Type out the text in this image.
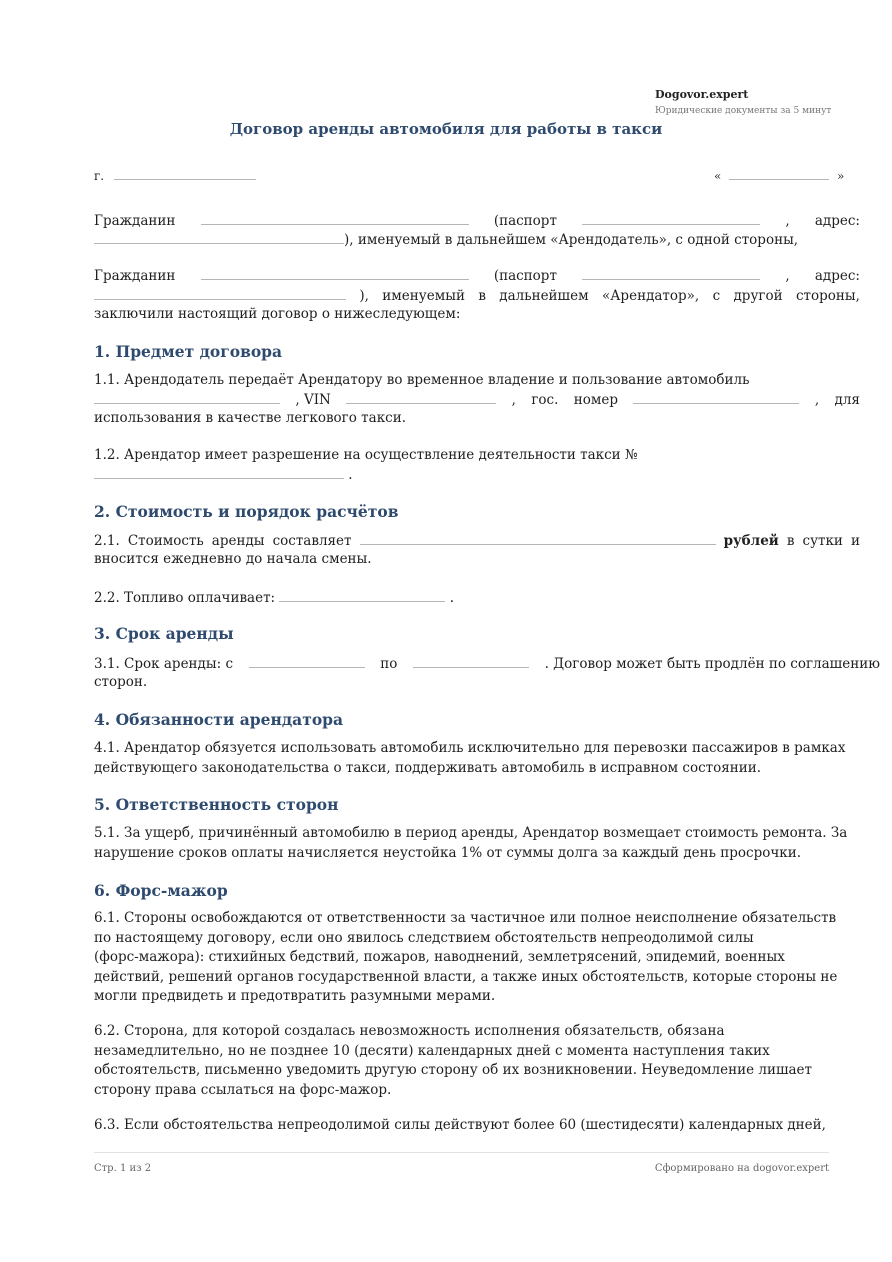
Dogovor.expert
Юридические документы за 5 минут
Договор аренды автомобиля для работы в такси
г.	«	»
Гражданин	(паспорт	, адрес:
), именуемый в дальнейшем «Арендодатель», с одной стороны,
Гражданин	(паспорт	, адрес:
), именуемый в дальнейшем «Арендатор», с другой стороны,
заключили настоящий договор о нижеследующем:
1. Предмет договора
1.1. Арендодатель передаёт Арендатору во временное владение и пользование автомобиль
, VIN	, гос. номер	, для
использования в качестве легкового такси.
1.2. Арендатор имеет разрешение на осуществление деятельности такси №
.
2. Стоимость и порядок расчётов
2.1. Стоимость аренды составляет	рублей в сутки и
вносится ежедневно до начала смены.
2.2. Топливо оплачивает:	.
3. Срок аренды
3.1. Срок аренды: с	по	. Договор может быть продлён по соглашению
сторон.
4. Обязанности арендатора
4.1. Арендатор обязуется использовать автомобиль исключительно для перевозки пассажиров в рамках
действующего законодательства о такси, поддерживать автомобиль в исправном состоянии.
5. Ответственность сторон
5.1. За ущерб, причинённый автомобилю в период аренды, Арендатор возмещает стоимость ремонта. За
нарушение сроков оплаты начисляется неустойка 1% от суммы долга за каждый день просрочки.
6. Форс-мажор
6.1. Стороны освобождаются от ответственности за частичное или полное неисполнение обязательств
по настоящему договору, если оно явилось следствием обстоятельств непреодолимой силы
(форс-мажора): стихийных бедствий, пожаров, наводнений, землетрясений, эпидемий, военных
действий, решений органов государственной власти, а также иных обстоятельств, которые стороны не
могли предвидеть и предотвратить разумными мерами.
6.2. Сторона, для которой создалась невозможность исполнения обязательств, обязана
незамедлительно, но не позднее 10 (десяти) календарных дней с момента наступления таких
обстоятельств, письменно уведомить другую сторону об их возникновении. Неуведомление лишает
сторону права ссылаться на форс-мажор.
6.3. Если обстоятельства непреодолимой силы действуют более 60 (шестидесяти) календарных дней,
Стр. 1 из 2	Сформировано на dogovor.expert
